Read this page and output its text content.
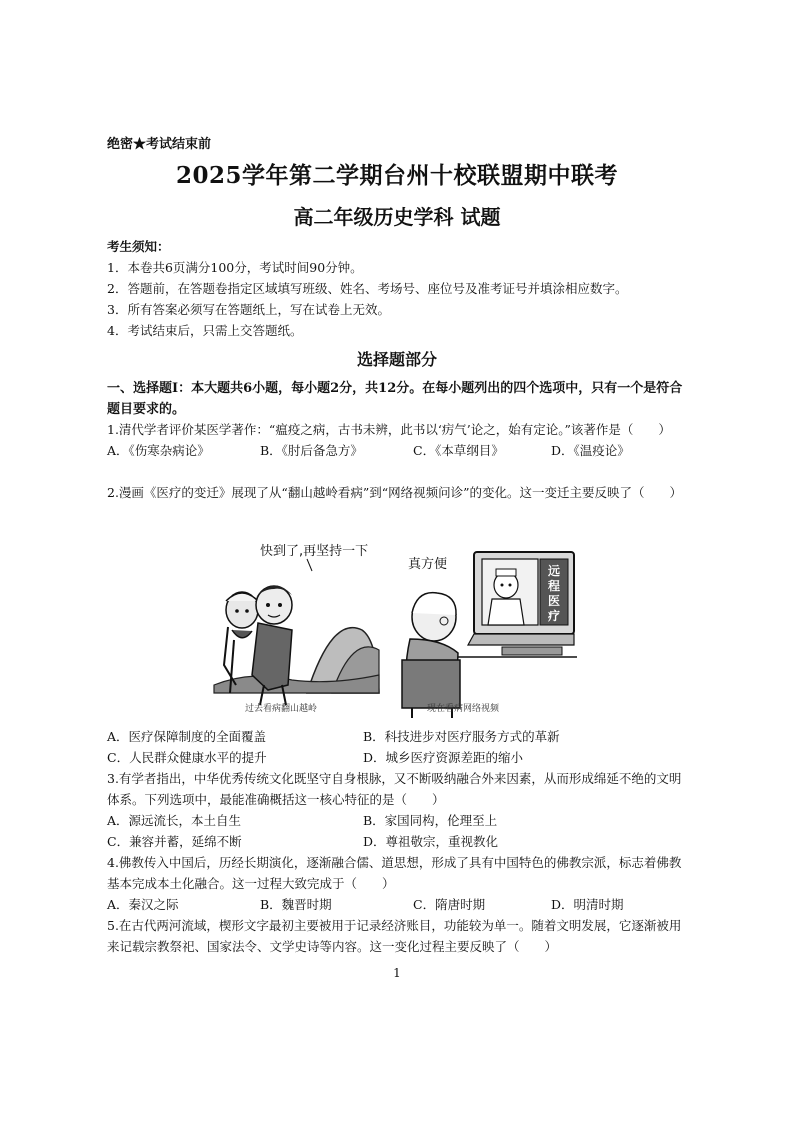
绝密★考试结束前
2025学年第二学期台州十校联盟期中联考
高二年级历史学科 试题
考生须知：
1．本卷共6页满分100分，考试时间90分钟。
2．答题前，在答题卷指定区域填写班级、姓名、考场号、座位号及准考证号并填涂相应数字。
3．所有答案必须写在答题纸上，写在试卷上无效。
4．考试结束后，只需上交答题纸。
选择题部分
一、选择题Ⅰ：本大题共6小题，每小题2分，共12分。在每小题列出的四个选项中，只有一个是符合题目要求的。
1.清代学者评价某医学著作：“瘟疫之病，古书未辨，此书以‘疠气’论之，始有定论。”该著作是（　　）
A．《伤寒杂病论》	B．《肘后备急方》	C．《本草纲目》	D．《温疫论》
2.漫画《医疗的变迁》展现了从“翻山越岭看病”到“网络视频问诊”的变化。这一变迁主要反映了（　　）
快到了,再坚持一下
真方便	远
程
医
疗
过去看病翻山越岭	现在看病网络视频
A．医疗保障制度的全面覆盖	B．科技进步对医疗服务方式的革新
C．人民群众健康水平的提升	D．城乡医疗资源差距的缩小
3.有学者指出，中华优秀传统文化既坚守自身根脉，又不断吸纳融合外来因素，从而形成绵延不绝的文明体系。下列选项中，最能准确概括这一核心特征的是（　　）
A．源远流长，本土自生	B．家国同构，伦理至上
C．兼容并蓄，延绵不断	D．尊祖敬宗，重视教化
4.佛教传入中国后，历经长期演化，逐渐融合儒、道思想，形成了具有中国特色的佛教宗派，标志着佛教基本完成本土化融合。这一过程大致完成于（　　）
A．秦汉之际	B．魏晋时期	C．隋唐时期	D．明清时期
5.在古代两河流域，楔形文字最初主要被用于记录经济账目，功能较为单一。随着文明发展，它逐渐被用来记载宗教祭祀、国家法令、文学史诗等内容。这一变化过程主要反映了（　　）
1
